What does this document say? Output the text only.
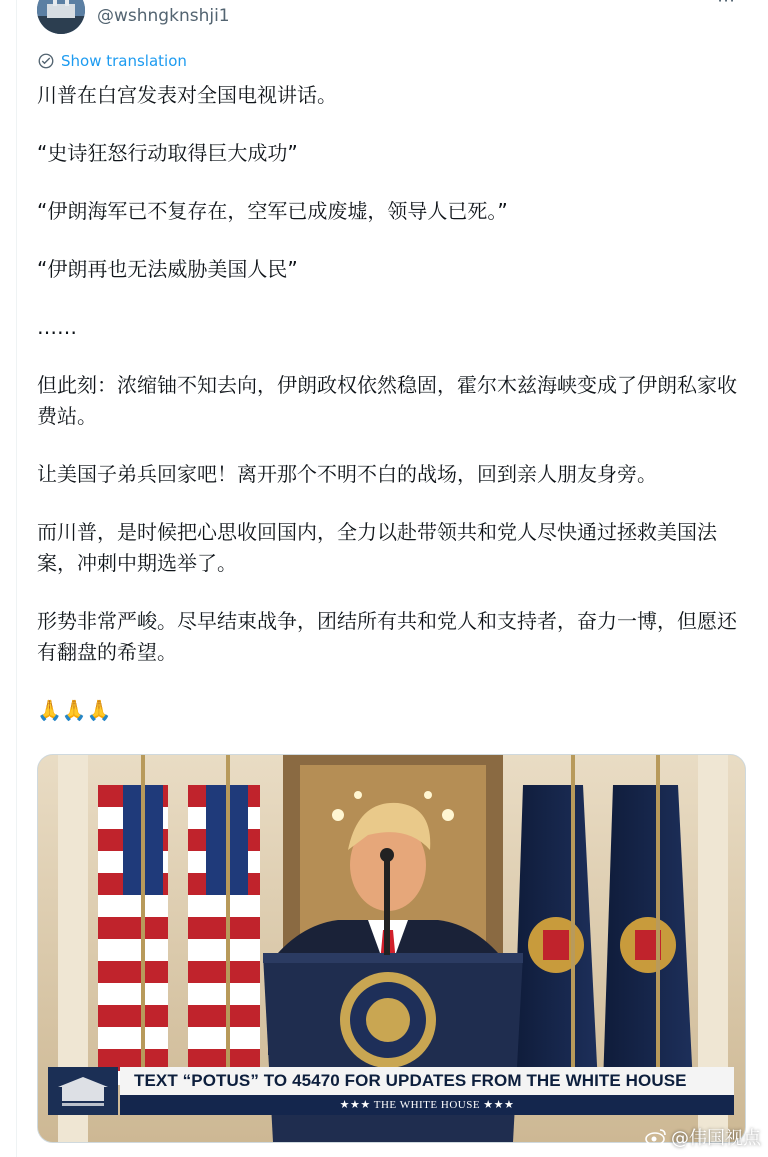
@wshngknshji1
⋯
Show translation

川普在白宫发表对全国电视讲话。

“史诗狂怒行动取得巨大成功”

“伊朗海军已不复存在，空军已成废墟，领导人已死。”

“伊朗再也无法威胁美国人民”

……

但此刻：浓缩铀不知去向，伊朗政权依然稳固，霍尔木兹海峡变成了伊朗私家收费站。

让美国子弟兵回家吧！离开那个不明不白的战场，回到亲人朋友身旁。

而川普，是时候把心思收回国内，全力以赴带领共和党人尽快通过拯救美国法案，冲刺中期选举了。

形势非常严峻。尽早结束战争，团结所有共和党人和支持者，奋力一博，但愿还有翻盘的希望。

🙏🙏🙏

TEXT “POTUS” TO 45470 FOR UPDATES FROM THE WHITE HOUSE
★★★ THE WHITE HOUSE ★★★
@伟国视点
